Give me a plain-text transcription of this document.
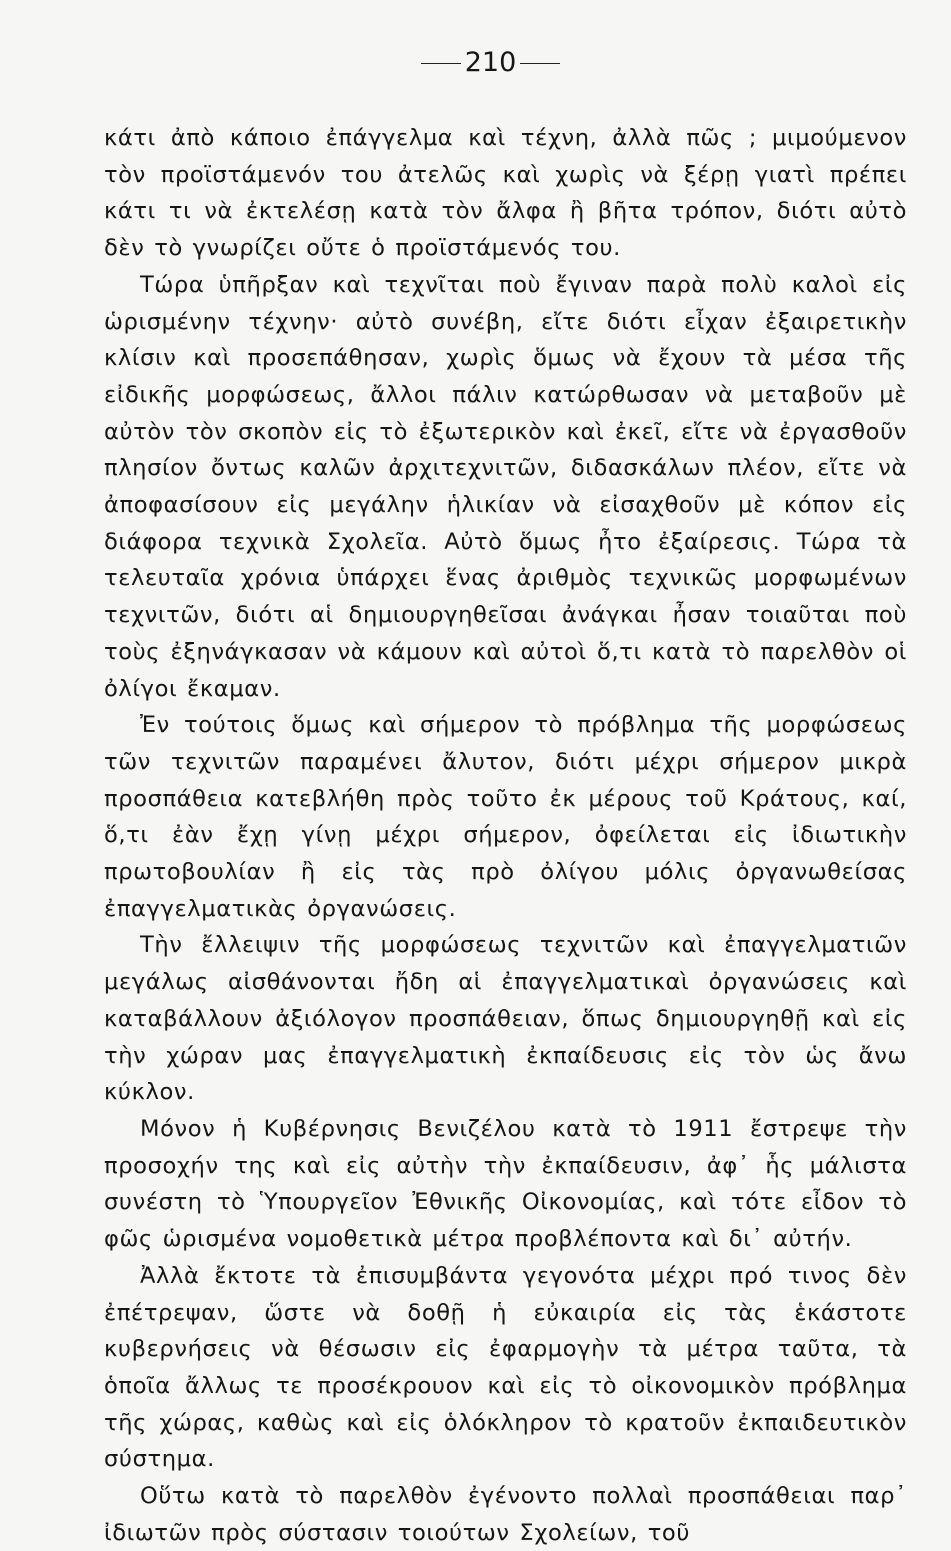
210

κάτι ἀπὸ κάποιο ἐπάγγελμα καὶ τέχνη, ἀλλὰ πῶς ; μιμούμενον τὸν προϊστάμενόν του ἀτελῶς καὶ χωρὶς νὰ ξέρῃ γιατὶ πρέπει κάτι τι νὰ ἐκτελέσῃ κατὰ τὸν ἄλφα ἢ βῆτα τρόπον, διότι αὐτὸ δὲν τὸ γνωρίζει οὔτε ὁ προϊστάμενός του.

Τώρα ὑπῆρξαν καὶ τεχνῖται ποὺ ἔγιναν παρὰ πολὺ καλοὶ εἰς ὡρισμένην τέχνην· αὐτὸ συνέβη, εἴτε διότι εἶχαν ἐξαιρετικὴν κλίσιν καὶ προσεπάθησαν, χωρὶς ὅμως νὰ ἔχουν τὰ μέσα τῆς εἰδικῆς μορφώσεως, ἄλλοι πάλιν κατώρθωσαν νὰ μεταβοῦν μὲ αὐτὸν τὸν σκοπὸν εἰς τὸ ἐξωτερικὸν καὶ ἐκεῖ, εἴτε νὰ ἐργασθοῦν πλησίον ὄντως καλῶν ἀρχιτεχνιτῶν, διδασκάλων πλέον, εἴτε νὰ ἀποφασίσουν εἰς μεγάλην ἡλικίαν νὰ εἰσαχθοῦν μὲ κόπον εἰς διάφορα τεχνικὰ Σχολεῖα. Αὐτὸ ὅμως ἦτο ἐξαίρεσις. Τώρα τὰ τελευταῖα χρόνια ὑπάρχει ἕνας ἀριθμὸς τεχνικῶς μορφωμένων τεχνιτῶν, διότι αἱ δημιουργηθεῖσαι ἀνάγκαι ἦσαν τοιαῦται ποὺ τοὺς ἐξηνάγκασαν νὰ κάμουν καὶ αὐτοὶ ὅ,τι κατὰ τὸ παρελθὸν οἱ ὀλίγοι ἔκαμαν.

Ἐν τούτοις ὅμως καὶ σήμερον τὸ πρόβλημα τῆς μορφώσεως τῶν τεχνιτῶν παραμένει ἄλυτον, διότι μέχρι σήμερον μικρὰ προσπάθεια κατεβλήθη πρὸς τοῦτο ἐκ μέρους τοῦ Κράτους, καί, ὅ,τι ἐὰν ἔχῃ γίνῃ μέχρι σήμερον, ὀφείλεται εἰς ἰδιωτικὴν πρωτοβουλίαν ἢ εἰς τὰς πρὸ ὀλίγου μόλις ὀργανωθείσας ἐπαγγελματικὰς ὀργανώσεις.

Τὴν ἔλλειψιν τῆς μορφώσεως τεχνιτῶν καὶ ἐπαγγελματιῶν μεγάλως αἰσθάνονται ἤδη αἱ ἐπαγγελματικαὶ ὀργανώσεις καὶ καταβάλλουν ἀξιόλογον προσπάθειαν, ὅπως δημιουργηθῇ καὶ εἰς τὴν χώραν μας ἐπαγγελματικὴ ἐκπαίδευσις εἰς τὸν ὡς ἄνω κύκλον.

Μόνον ἡ Κυβέρνησις Βενιζέλου κατὰ τὸ 1911 ἔστρεψε τὴν προσοχήν της καὶ εἰς αὐτὴν τὴν ἐκπαίδευσιν, ἀφ᾿ ἧς μάλιστα συνέστη τὸ Ὑπουργεῖον Ἐθνικῆς Οἰκονομίας, καὶ τότε εἶδον τὸ φῶς ὡρισμένα νομοθετικὰ μέτρα προβλέποντα καὶ δι᾿ αὐτήν.

Ἀλλὰ ἔκτοτε τὰ ἐπισυμβάντα γεγονότα μέχρι πρό τινος δὲν ἐπέτρεψαν, ὥστε νὰ δοθῇ ἡ εὐκαιρία εἰς τὰς ἑκάστοτε κυβερνήσεις νὰ θέσωσιν εἰς ἐφαρμογὴν τὰ μέτρα ταῦτα, τὰ ὁποῖα ἄλλως τε προσέκρουον καὶ εἰς τὸ οἰκονομικὸν πρόβλημα τῆς χώρας, καθὼς καὶ εἰς ὁλόκληρον τὸ κρατοῦν ἐκπαιδευτικὸν σύστημα.

Οὕτω κατὰ τὸ παρελθὸν ἐγένοντο πολλαὶ προσπάθειαι παρ᾿ ἰδιωτῶν πρὸς σύστασιν τοιούτων Σχολείων, τοῦ
